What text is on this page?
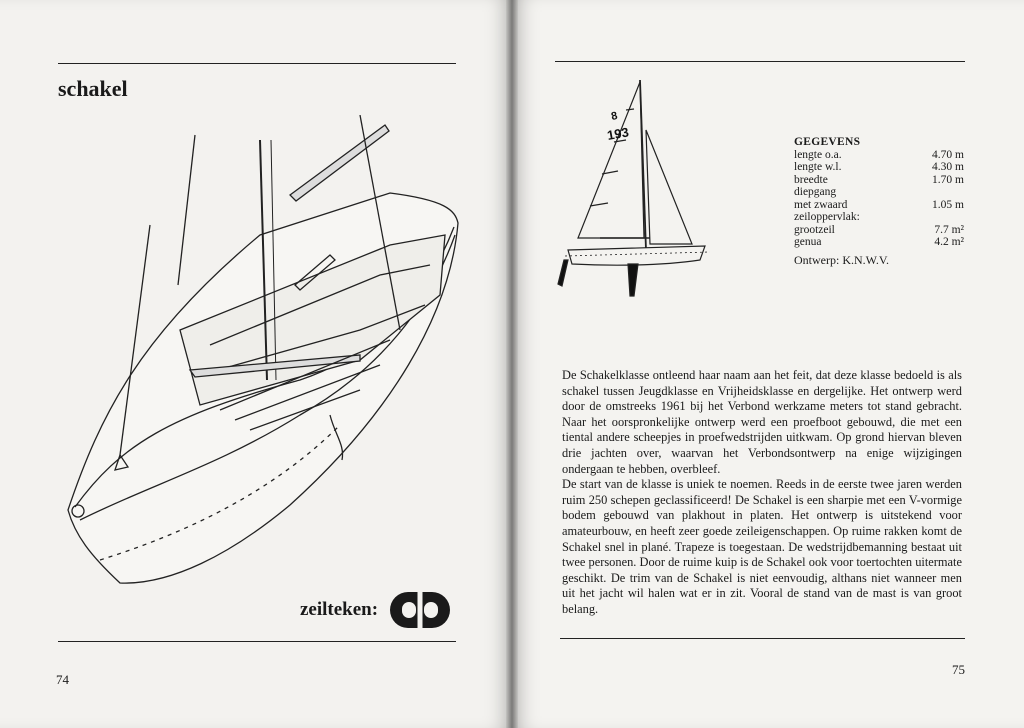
schakel
zeilteken:
74
75
8
193	GEGEVENS
lengte o.a.	4.70 m
lengte w.l.	4.30 m
breedte	1.70 m
diepgang
met zwaard	1.05 m
zeiloppervlak:
grootzeil	7.7 m²
genua	4.2 m²
Ontwerp: K.N.W.V.

De Schakelklasse ontleend haar naam aan het feit, dat deze klasse bedoeld is als schakel tussen Jeugdklasse en Vrijheidsklasse en dergelijke. Het ontwerp werd door de omstreeks 1961 bij het Verbond werkzame meters tot stand gebracht. Naar het oorspronkelijke ontwerp werd een proefboot gebouwd, die met een tiental andere scheepjes in proefwedstrijden uitkwam. Op grond hiervan bleven drie jachten over, waarvan het Verbondsontwerp na enige wijzigingen ondergaan te hebben, overbleef.

De start van de klasse is uniek te noemen. Reeds in de eerste twee jaren werden ruim 250 schepen geclassificeerd! De Schakel is een sharpie met een V-vormige bodem gebouwd van plakhout in platen. Het ontwerp is uitstekend voor amateurbouw, en heeft zeer goede zeileigenschappen. Op ruime rakken komt de Schakel snel in plané. Trapeze is toegestaan. De wedstrijdbemanning bestaat uit twee personen. Door de ruime kuip is de Schakel ook voor toertochten uitermate geschikt. De trim van de Schakel is niet eenvoudig, althans niet wanneer men uit het jacht wil halen wat er in zit. Vooral de stand van de mast is van groot belang.
